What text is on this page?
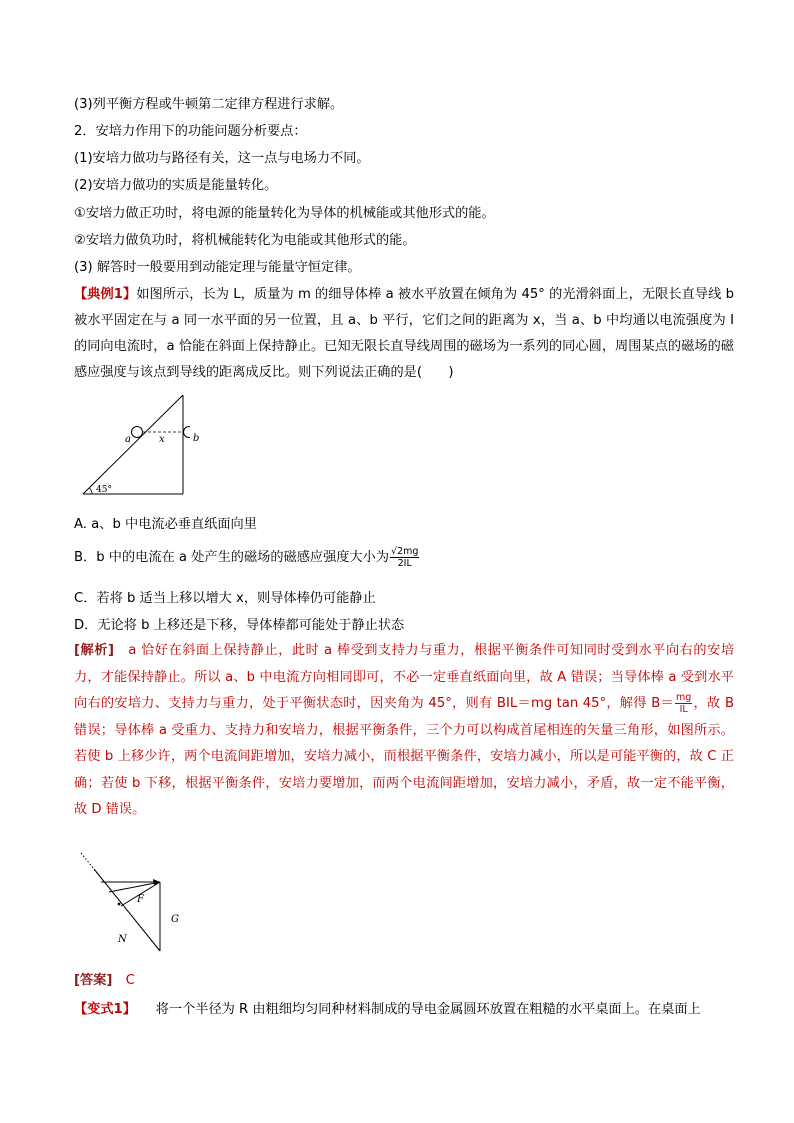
(3)列平衡方程或牛顿第二定律方程进行求解。
2．安培力作用下的功能问题分析要点：
(1)安培力做功与路径有关，这一点与电场力不同。
(2)安培力做功的实质是能量转化。
①安培力做正功时，将电源的能量转化为导体的机械能或其他形式的能。
②安培力做负功时，将机械能转化为电能或其他形式的能。
(3) 解答时一般要用到动能定理与能量守恒定律。
【典例1】如图所示，长为 L，质量为 m 的细导体棒 a 被水平放置在倾角为 45° 的光滑斜面上，无限长直导线 b 被水平固定在与 a 同一水平面的另一位置，且 a、b 平行，它们之间的距离为 x，当 a、b 中均通以电流强度为 I 的同向电流时，a 恰能在斜面上保持静止。已知无限长直导线周围的磁场为一系列的同心圆，周围某点的磁场的磁感应强度与该点到导线的距离成反比。则下列说法正确的是(　　)
a	x
45°
b
A. a、b 中电流必垂直纸面向里
B．b 中的电流在 a 处产生的磁场的磁感应强度大小为 $\frac{√2mg}{2IL}$
C．若将 b 适当上移以增大 x，则导体棒仍可能静止
D．无论将 b 上移还是下移，导体棒都可能处于静止状态
[解析]　 a 恰好在斜面上保持静止，此时 a 棒受到支持力与重力，根据平衡条件可知同时受到水平向右的安培力，才能保持静止。所以 a、b 中电流方向相同即可，不必一定垂直纸面向里，故 A 错误；当导体棒 a 受到水平向右的安培力、支持力与重力，处于平衡状态时，因夹角为 45°，则有 BIL＝mg tan 45°，解得 $B= \frac{mg}{IL}$ ，故 B 错误；导体棒 a 受重力、支持力和安培力，根据平衡条件，三个力可以构成首尾相连的矢量三角形，如图所示。若使 b 上移少许，两个电流间距增加，安培力减小，而根据平衡条件，安培力减小，所以是可能平衡的，故 C 正确；若使 b 下移，根据平衡条件，安培力要增加，而两个电流间距增加，安培力减小，矛盾，故一定不能平衡，故 D 错误。
F
G
N
[答案]　 C
【变式1】　　 将一个半径为 R 由粗细均匀同种材料制成的导电金属圆环放置在粗糙的水平桌面上。在桌面上
